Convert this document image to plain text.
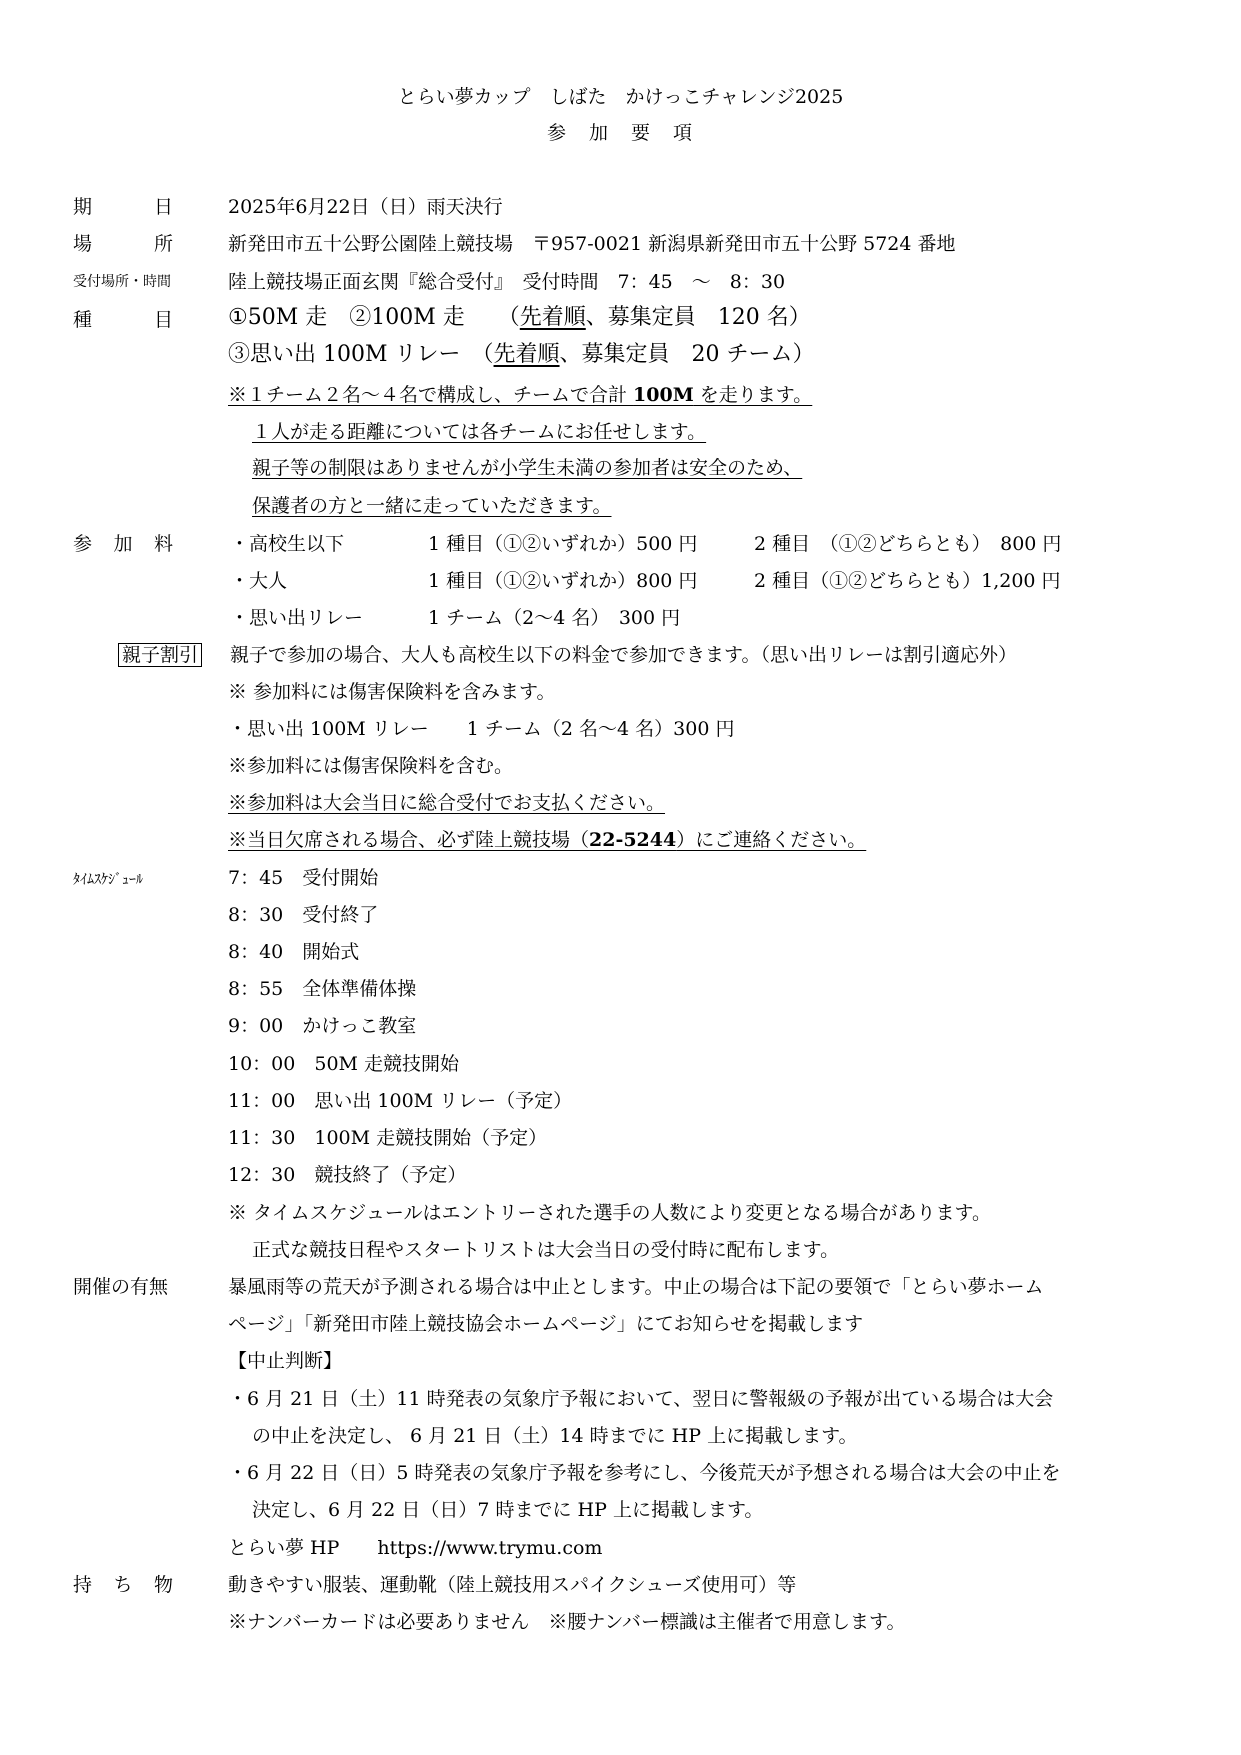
とらい夢カップ　しばた　かけっこチャレンジ2025
参　加　要　項
期	日	2025年6月22日（日）雨天決行
場	所	新発田市五十公野公園陸上競技場　〒957-0021 新潟県新発田市五十公野 5724 番地
受付場所・時間	陸上競技場正面玄関『総合受付』　受付時間　7：45　～　8：30
種	目	①50M 走　②100M 走　　（先着順、募集定員　120 名）
③思い出 100M リレー　（先着順、募集定員　20 チーム）
※１チーム２名～４名で構成し、チームで合計 100M を走ります。
１人が走る距離については各チームにお任せします。
親子等の制限はありませんが小学生未満の参加者は安全のため、
保護者の方と一緒に走っていただきます。
参 加 料	・高校生以下	1 種目（①②いずれか）500 円	2 種目　（①②どちらとも）　800 円
・大人	1 種目（①②いずれか）800 円	2 種目（①②どちらとも）1,200 円
・思い出リレー	1 チーム（2～4 名）　300 円
親子割引 親子で参加の場合、大人も高校生以下の料金で参加できます。（思い出リレーは割引適応外）
※ 参加料には傷害保険料を含みます。
・思い出 100M リレー　　1 チーム（2 名～4 名）300 円
※参加料には傷害保険料を含む。
※参加料は大会当日に総合受付でお支払ください。
※当日欠席される場合、必ず陸上競技場（22-5244）にご連絡ください。
ﾀｲﾑｽｹｼﾞｭｰﾙ	7：45　受付開始
8：30　受付終了
8：40　開始式
8：55　全体準備体操
9：00　かけっこ教室
10：00　50M 走競技開始
11：00　思い出 100M リレー（予定）
11：30　100M 走競技開始（予定）
12：30　競技終了（予定）
※ タイムスケジュールはエントリーされた選手の人数により変更となる場合があります。
正式な競技日程やスタートリストは大会当日の受付時に配布します。
開催の有無	暴風雨等の荒天が予測される場合は中止とします。中止の場合は下記の要領で「とらい夢ホーム
ページ」「新発田市陸上競技協会ホームページ」にてお知らせを掲載します
【中止判断】
・6 月 21 日（土）11 時発表の気象庁予報において、翌日に警報級の予報が出ている場合は大会
の中止を決定し、 6 月 21 日（土）14 時までに HP 上に掲載します。
・6 月 22 日（日）5 時発表の気象庁予報を参考にし、今後荒天が予想される場合は大会の中止を
決定し、6 月 22 日（日）7 時までに HP 上に掲載します。
とらい夢 HP　　https://www.trymu.com
持 ち 物	動きやすい服装、運動靴（陸上競技用スパイクシューズ使用可）等
※ナンバーカードは必要ありません　※腰ナンバー標識は主催者で用意します。
